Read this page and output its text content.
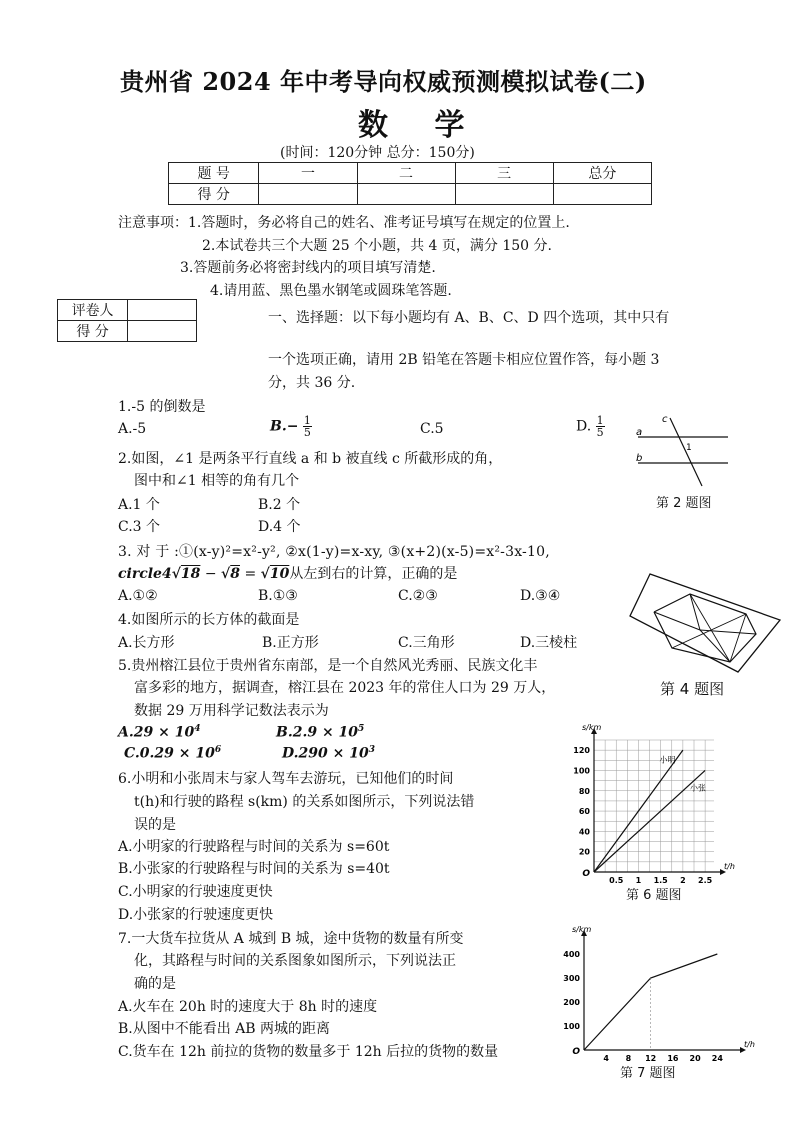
贵州省 2024 年中考导向权威预测模拟试卷(二)
数 学
(时间：120分钟 总分：150分)
题 号	一	二	三	总分
得 分				
注意事项：1.答题时，务必将自己的姓名、准考证号填写在规定的位置上.
2.本试卷共三个大题 25 个小题，共 4 页，满分 150 分.
3.答题前务必将密封线内的项目填写清楚.
4.请用蓝、黑色墨水钢笔或圆珠笔答题.
评卷人	
得 分	
一、选择题：以下每小题均有 A、B、C、D 四个选项，其中只有
一个选项正确，请用 2B 铅笔在答题卡相应位置作答，每小题 3
分，共 36 分.
1.-5 的倒数是
A.-5	$B.- \frac{1}{5}$	C.5	D. $\frac{1}{5}$
2.如图，∠1 是两条平行直线 a 和 b 被直线 c 所截形成的角，
图中和∠1 相等的角有几个
A.1 个	B.2 个
C.3 个	D.4 个
c
a
b
1
第 2 题图
3. 对 于 :①(x-y)²=x²-y², ②x(1-y)=x-xy, ③(x+2)(x-5)=x²-3x-10,
circle4√18 − √8 = √10从左到右的计算，正确的是
A.①②	B.①③	C.②③	D.③④
4.如图所示的长方体的截面是
A.长方形	B.正方形	C.三角形	D.三棱柱
第 4 题图
5.贵州榕江县位于贵州省东南部，是一个自然风光秀丽、民族文化丰
富多彩的地方，据调查，榕江县在 2023 年的常住人口为 29 万人，
数据 29 万用科学记数法表示为
$A.29 \times 10^4$	$B.2.9 \times 10^5$
$C.0.29 \times 10^6$	$D.290 \times 10^3$
6.小明和小张周末与家人驾车去游玩，已知他们的时间
t(h)和行驶的路程 s(km) 的关系如图所示，下列说法错
误的是
A.小明家的行驶路程与时间的关系为 s=60t
B.小张家的行驶路程与时间的关系为 s=40t
C.小明家的行驶速度更快
D.小张家的行驶速度更快
0.5 1 1.5 2 2.5
20
40
60
80
100
120
O
t/h
s/km
小明
小张
第 6 题图
7.一大货车拉货从 A 城到 B 城，途中货物的数量有所变
化，其路程与时间的关系图象如图所示，下列说法正
确的是
A.火车在 20h 时的速度大于 8h 时的速度
B.从图中不能看出 AB 两城的距离
C.货车在 12h 前拉的货物的数量多于 12h 后拉的货物的数量	4 8 12 16 20 24
100
200
300
400
O
t/h
s/km
第 7 题图
